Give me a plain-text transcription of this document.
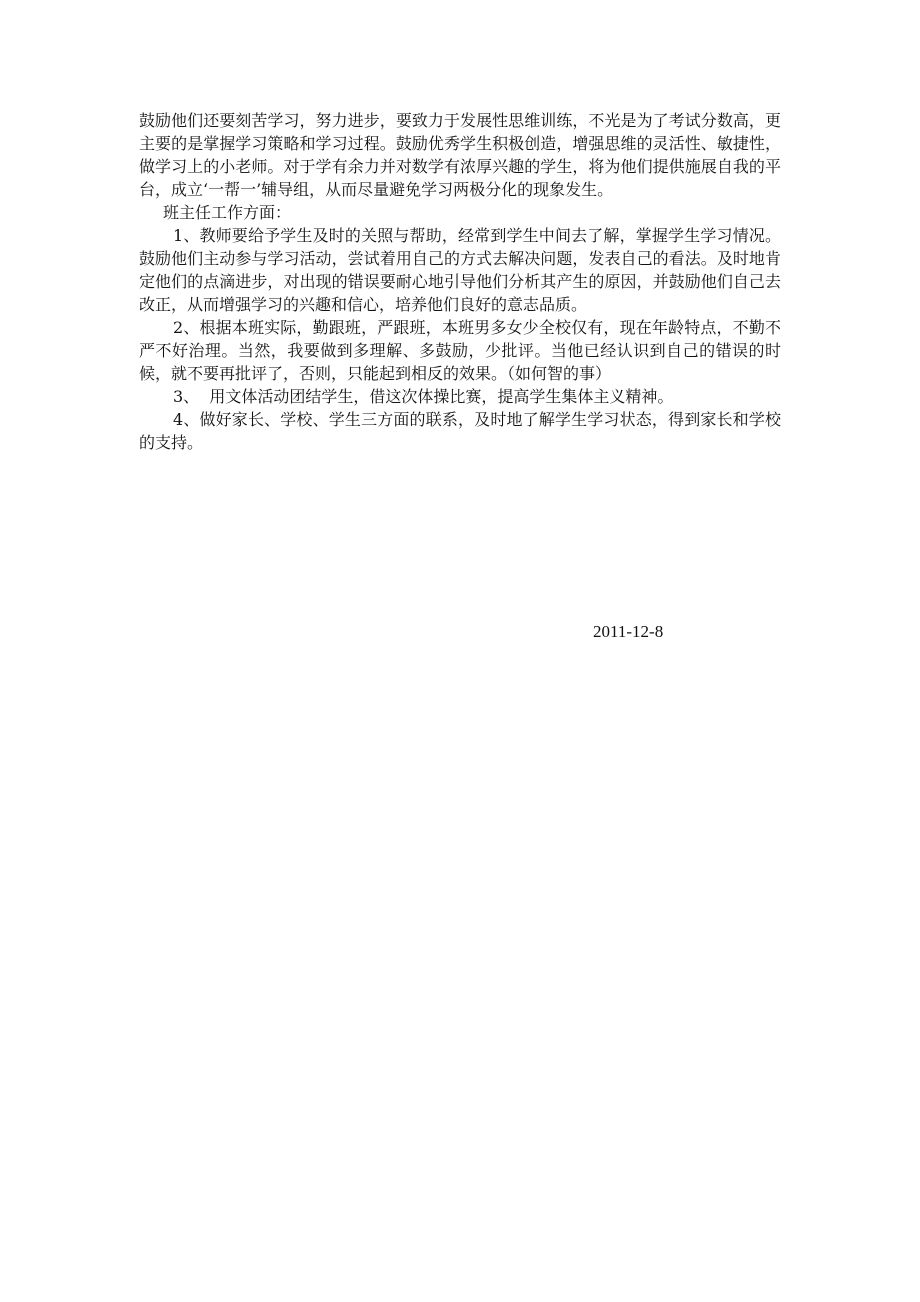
鼓励他们还要刻苦学习，努力进步，要致力于发展性思维训练，不光是为了考试分数高，更主要的是掌握学习策略和学习过程。鼓励优秀学生积极创造，增强思维的灵活性、敏捷性，做学习上的小老师。对于学有余力并对数学有浓厚兴趣的学生，将为他们提供施展自我的平台，成立‘一帮一’辅导组，从而尽量避免学习两极分化的现象发生。

班主任工作方面：

1、教师要给予学生及时的关照与帮助，经常到学生中间去了解，掌握学生学习情况。鼓励他们主动参与学习活动，尝试着用自己的方式去解决问题，发表自己的看法。及时地肯定他们的点滴进步，对出现的错误要耐心地引导他们分析其产生的原因，并鼓励他们自己去改正，从而增强学习的兴趣和信心，培养他们良好的意志品质。

2、根据本班实际，勤跟班，严跟班，本班男多女少全校仅有，现在年龄特点，不勤不严不好治理。当然，我要做到多理解、多鼓励，少批评。当他已经认识到自己的错误的时候，就不要再批评了，否则，只能起到相反的效果。（如何智的事）

3、  用文体活动团结学生，借这次体操比赛，提高学生集体主义精神。

4、做好家长、学校、学生三方面的联系，及时地了解学生学习状态，得到家长和学校的支持。

2011-12-8
